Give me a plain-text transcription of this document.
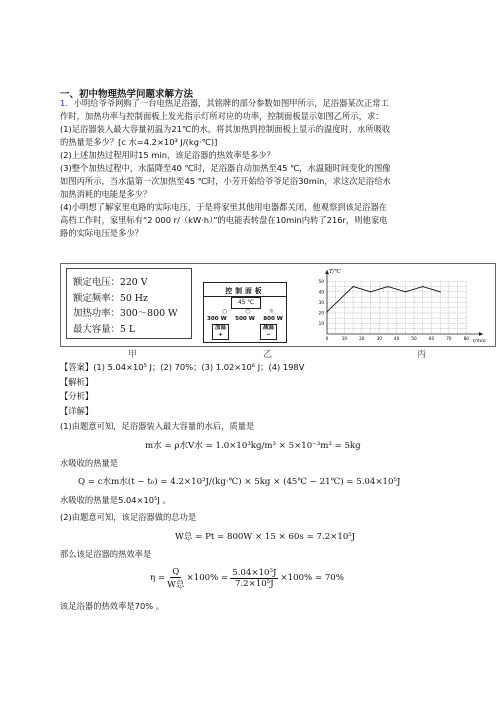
一、初中物理热学问题求解方法
1．小明给爷爷网购了一台电热足浴器，其铭牌的部分参数如图甲所示，足浴器某次正常工
作时，加热功率与控制面板上发光指示灯所对应的功率，控制面板显示如图乙所示，求：
(1)足浴器装入最大容量初温为21℃的水，将其加热到控制面板上显示的温度时，水所吸收
的热量是多少？[c 水=4.2×10³ J/(kg·℃)]
(2)上述加热过程用时15 min，该足浴器的热效率是多少？
(3)整个加热过程中，水温降至40 ℃时，足浴器自动加热至45 ℃，水温随时间变化的图像
如图丙所示，当水温第一次加热至45 ℃时，小芳开始给爷爷足浴30min，求这次足浴给水
加热消耗的电能是多少？
(4)小明想了解家里电路的实际电压，于是将家里其他用电器都关闭，他观察到该足浴器在
高档工作时，家里标有“2 000 r/（kW·h）”的电能表转盘在10min内转了216r，则他家电
路的实际电压是多少？
额定电压：220 V
额定频率：50 Hz
加热功率：300～800 W
最大容量：5 L
控制面板
45 ℃
○	○	☼
300 W 500 W 800 W
加温
+
减温
−
0	10	20	30	40	50	60	70	80
10
20
30
40
50
T/℃
t/min
甲	乙	丙
【答案】(1) 5.04×10⁵ J；(2) 70%；(3) 1.02×10⁶ J；(4) 198V
【解析】
【分析】
【详解】
(1)由题意可知，足浴器装入最大容量的水后，质量是
m水 = ρ水V水 = 1.0×10³kg/m³ × 5×10⁻³m³ = 5kg
水吸收的热量是
Q = c水m水(t − t₀) = 4.2×10³J/(kg·℃) × 5kg × (45℃ − 21℃) = 5.04×10⁵J
水吸收的热量是5.04×10⁵J 。
(2)由题意可知，该足浴器做的总功是
W总 = Pt = 800W × 15 × 60s = 7.2×10⁵J
那么该足浴器的热效率是
η =
Q
W总
$\times 100\% = \frac{\text{5.04×10⁵J}}{\text{7.2×10⁵J}} \times 100\% = 70\%$
该足浴器的热效率是70% 。
